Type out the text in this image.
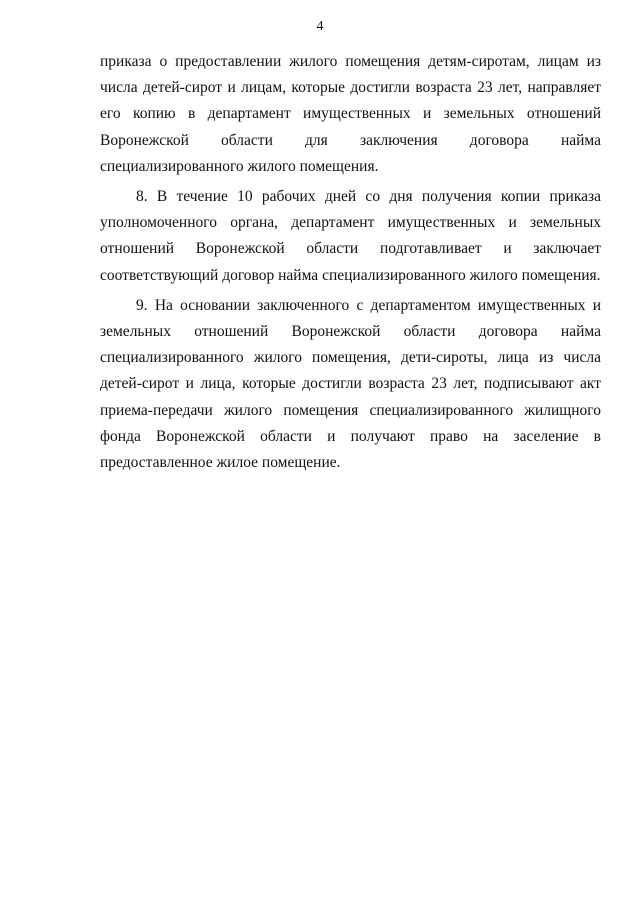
4

приказа о предоставлении жилого помещения детям-сиротам, лицам из числа детей-сирот и лицам, которые достигли возраста 23 лет, направляет его копию в департамент имущественных и земельных отношений Воронежской области для заключения договора найма специализированного жилого помещения.

8. В течение 10 рабочих дней со дня получения копии приказа уполномоченного органа, департамент имущественных и земельных отношений Воронежской области подготавливает и заключает соответствующий договор найма специализированного жилого помещения.

9. На основании заключенного с департаментом имущественных и земельных отношений Воронежской области договора найма специализированного жилого помещения, дети-сироты, лица из числа детей-сирот и лица, которые достигли возраста 23 лет, подписывают акт приема-передачи жилого помещения специализированного жилищного фонда Воронежской области и получают право на заселение в предоставленное жилое помещение.
